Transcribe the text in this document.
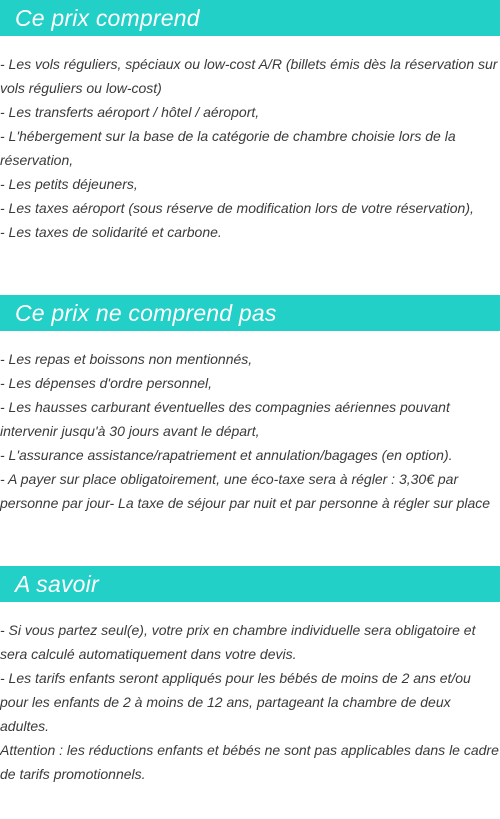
Ce prix comprend

- Les vols réguliers, spéciaux ou low-cost A/R (billets émis dès la réservation sur vols réguliers ou low-cost)

- Les transferts aéroport / hôtel / aéroport,

- L'hébergement sur la base de la catégorie de chambre choisie lors de la réservation,

- Les petits déjeuners,

- Les taxes aéroport (sous réserve de modification lors de votre réservation),

- Les taxes de solidarité et carbone.

Ce prix ne comprend pas

- Les repas et boissons non mentionnés,

- Les dépenses d'ordre personnel,

- Les hausses carburant éventuelles des compagnies aériennes pouvant intervenir jusqu'à 30 jours avant le départ,

- L'assurance assistance/rapatriement et annulation/bagages (en option).

- A payer sur place obligatoirement, une éco-taxe sera à régler : 3,30€ par personne par jour- La taxe de séjour par nuit et par personne à régler sur place

A savoir

- Si vous partez seul(e), votre prix en chambre individuelle sera obligatoire et sera calculé automatiquement dans votre devis.

- Les tarifs enfants seront appliqués pour les bébés de moins de 2 ans et/ou pour les enfants de 2 à moins de 12 ans, partageant la chambre de deux adultes.

Attention : les réductions enfants et bébés ne sont pas applicables dans le cadre de tarifs promotionnels.
